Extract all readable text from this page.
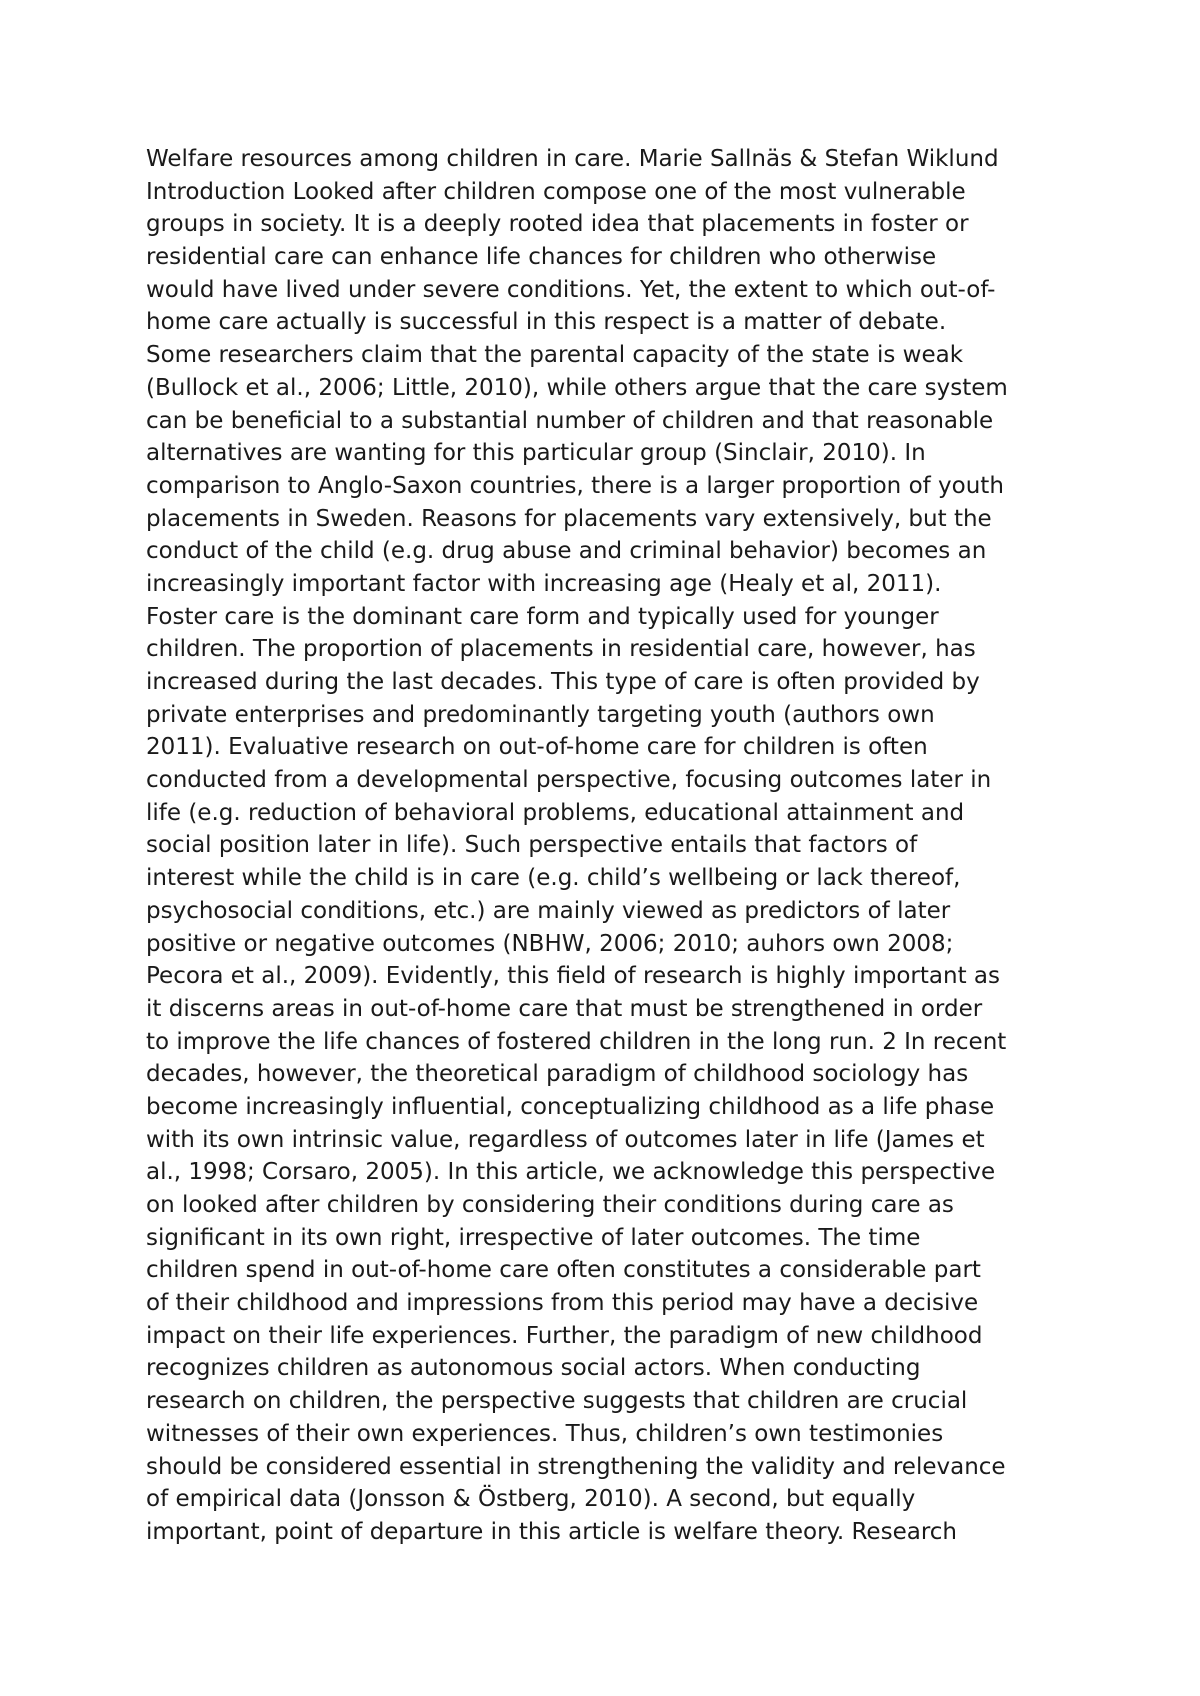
Welfare resources among children in care. Marie Sallnäs & Stefan Wiklund
Introduction Looked after children compose one of the most vulnerable
groups in society. It is a deeply rooted idea that placements in foster or
residential care can enhance life chances for children who otherwise
would have lived under severe conditions. Yet, the extent to which out-of-
home care actually is successful in this respect is a matter of debate.
Some researchers claim that the parental capacity of the state is weak
(Bullock et al., 2006; Little, 2010), while others argue that the care system
can be beneficial to a substantial number of children and that reasonable
alternatives are wanting for this particular group (Sinclair, 2010). In
comparison to Anglo-Saxon countries, there is a larger proportion of youth
placements in Sweden. Reasons for placements vary extensively, but the
conduct of the child (e.g. drug abuse and criminal behavior) becomes an
increasingly important factor with increasing age (Healy et al, 2011).
Foster care is the dominant care form and typically used for younger
children. The proportion of placements in residential care, however, has
increased during the last decades. This type of care is often provided by
private enterprises and predominantly targeting youth (authors own
2011). Evaluative research on out-of-home care for children is often
conducted from a developmental perspective, focusing outcomes later in
life (e.g. reduction of behavioral problems, educational attainment and
social position later in life). Such perspective entails that factors of
interest while the child is in care (e.g. child’s wellbeing or lack thereof,
psychosocial conditions, etc.) are mainly viewed as predictors of later
positive or negative outcomes (NBHW, 2006; 2010; auhors own 2008;
Pecora et al., 2009). Evidently, this field of research is highly important as
it discerns areas in out-of-home care that must be strengthened in order
to improve the life chances of fostered children in the long run. 2 In recent
decades, however, the theoretical paradigm of childhood sociology has
become increasingly influential, conceptualizing childhood as a life phase
with its own intrinsic value, regardless of outcomes later in life (James et
al., 1998; Corsaro, 2005). In this article, we acknowledge this perspective
on looked after children by considering their conditions during care as
significant in its own right, irrespective of later outcomes. The time
children spend in out-of-home care often constitutes a considerable part
of their childhood and impressions from this period may have a decisive
impact on their life experiences. Further, the paradigm of new childhood
recognizes children as autonomous social actors. When conducting
research on children, the perspective suggests that children are crucial
witnesses of their own experiences. Thus, children’s own testimonies
should be considered essential in strengthening the validity and relevance
of empirical data (Jonsson & Östberg, 2010). A second, but equally
important, point of departure in this article is welfare theory. Research
